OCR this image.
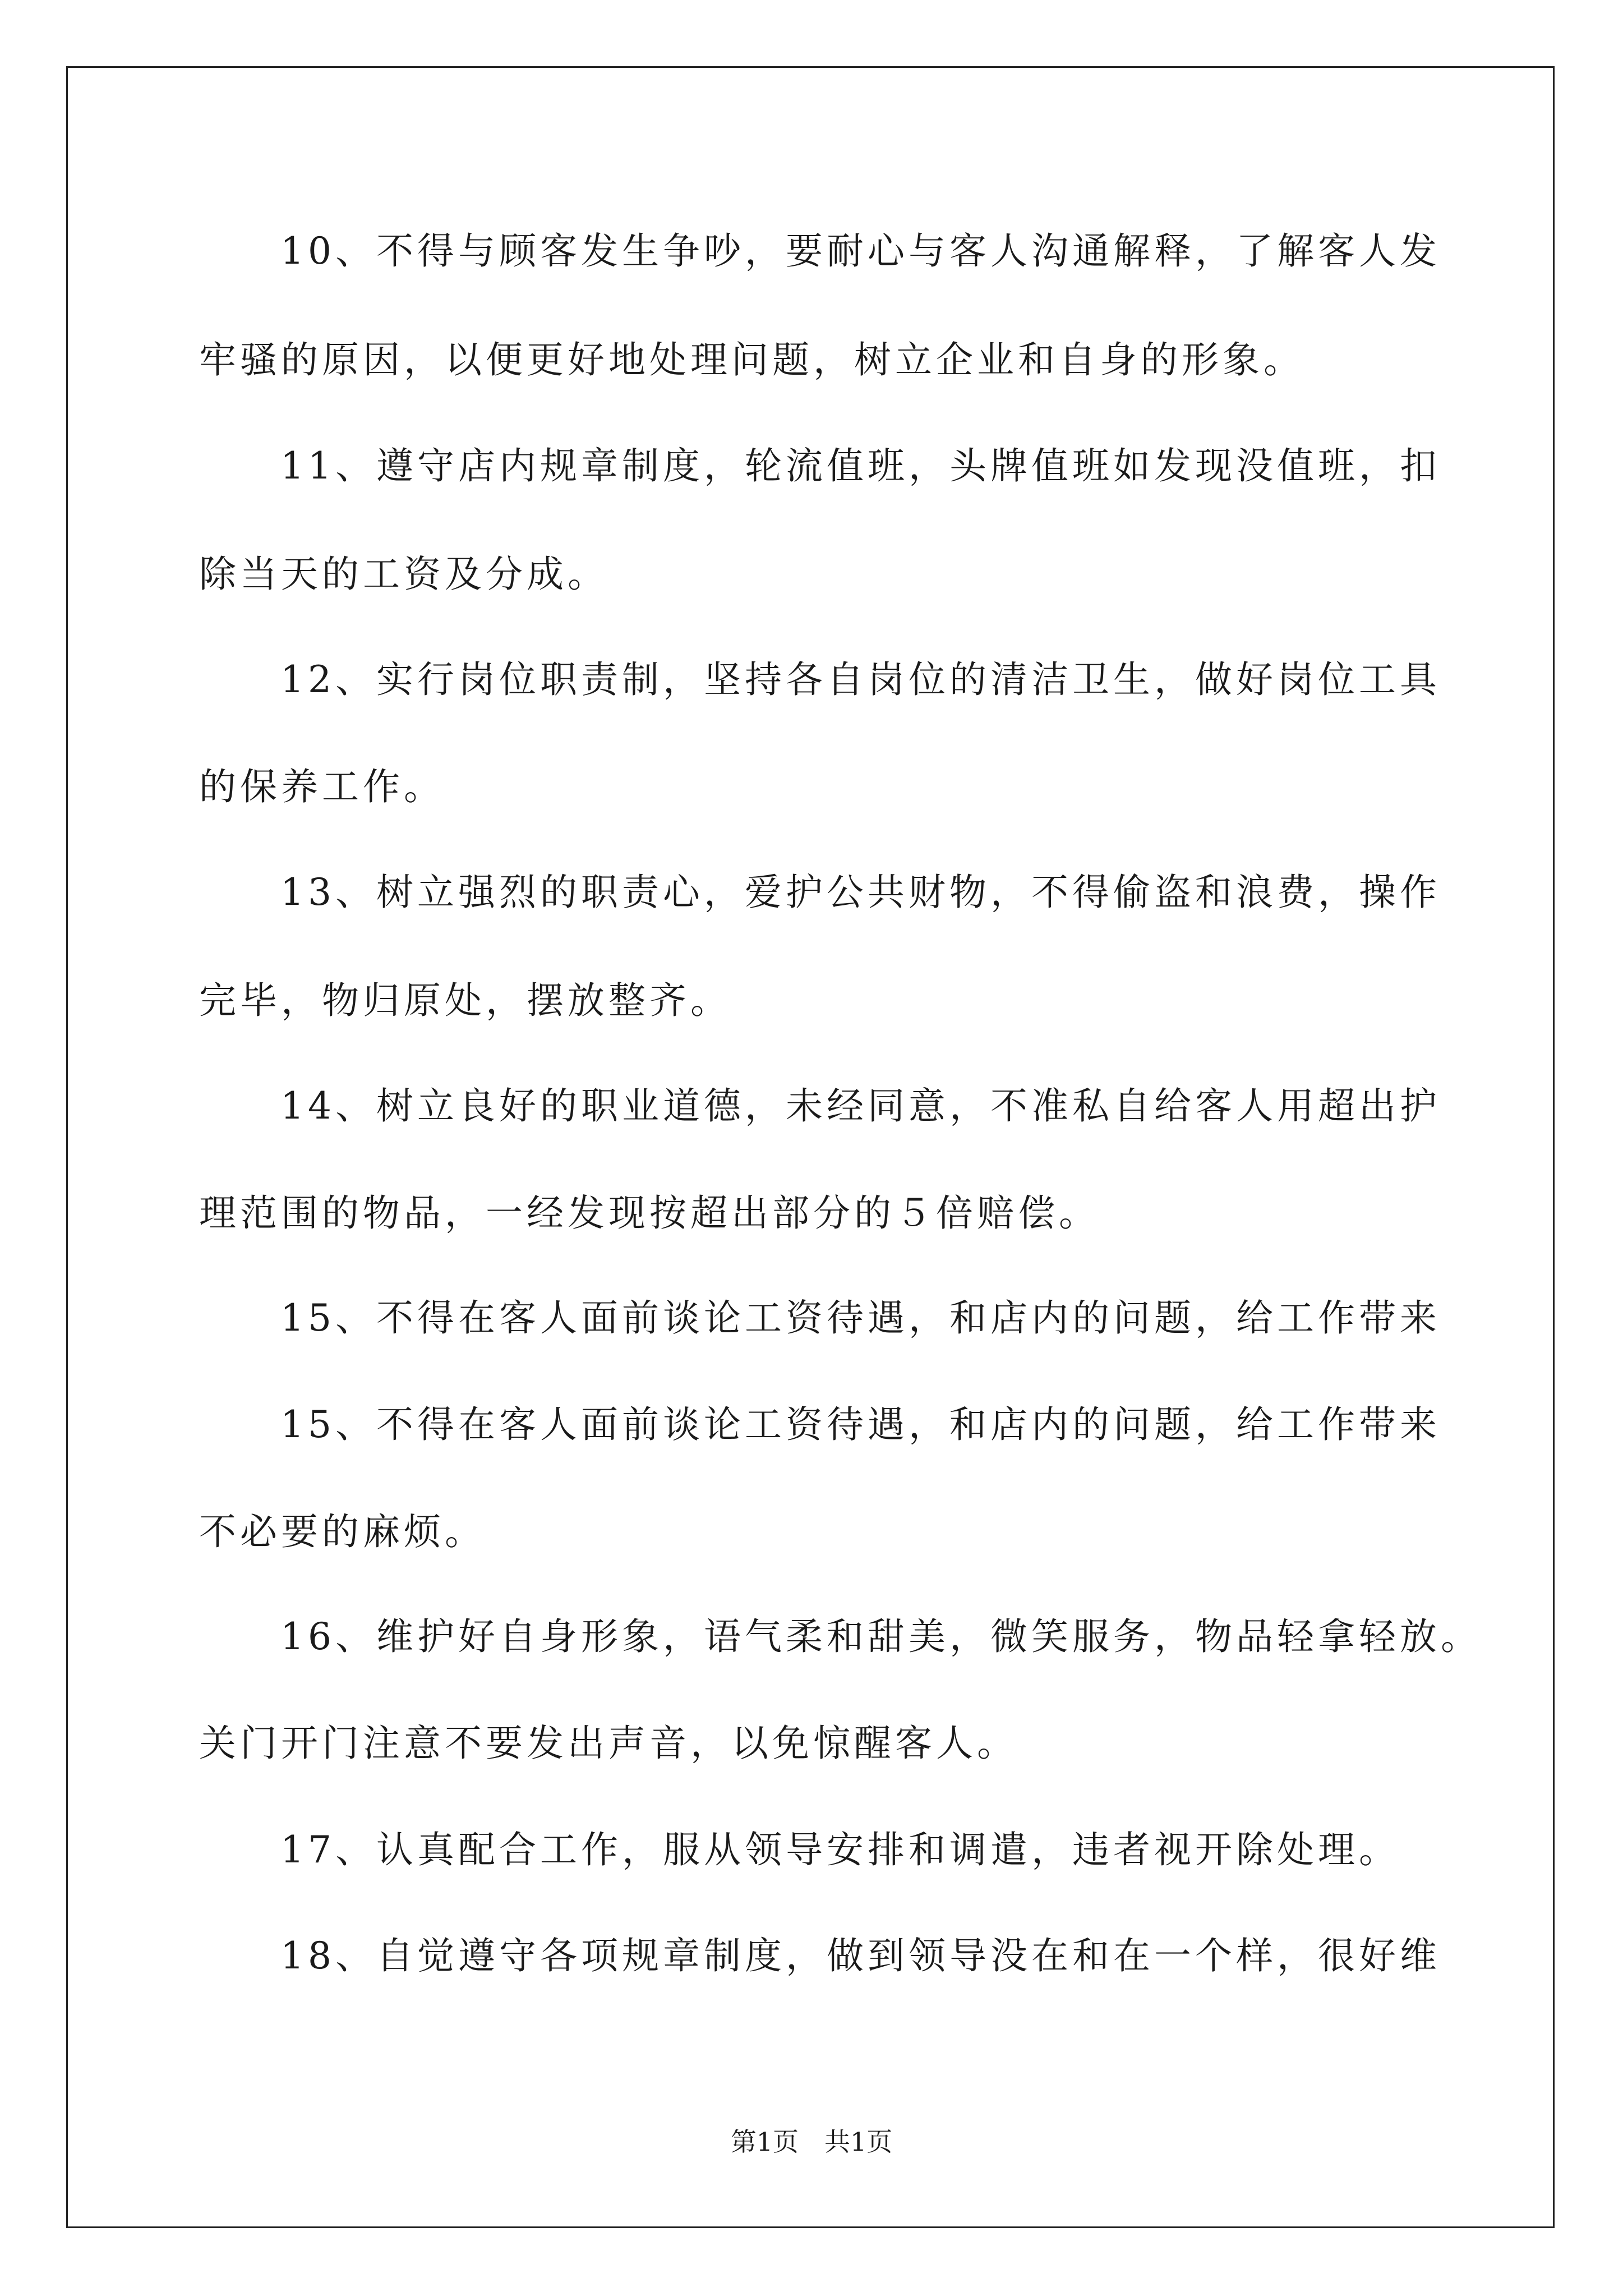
10、不得与顾客发生争吵，要耐心与客人沟通解释，了解客人发
牢骚的原因，以便更好地处理问题，树立企业和自身的形象。
11、遵守店内规章制度，轮流值班，头牌值班如发现没值班，扣
除当天的工资及分成。
12、实行岗位职责制，坚持各自岗位的清洁卫生，做好岗位工具
的保养工作。
13、树立强烈的职责心，爱护公共财物，不得偷盗和浪费，操作
完毕，物归原处，摆放整齐。
14、树立良好的职业道德，未经同意，不准私自给客人用超出护
理范围的物品，一经发现按超出部分的５倍赔偿。
15、不得在客人面前谈论工资待遇，和店内的问题，给工作带来
15、不得在客人面前谈论工资待遇，和店内的问题，给工作带来
不必要的麻烦。
16、维护好自身形象，语气柔和甜美，微笑服务，物品轻拿轻放。
关门开门注意不要发出声音，以免惊醒客人。
17、认真配合工作，服从领导安排和调遣，违者视开除处理。
18、自觉遵守各项规章制度，做到领导没在和在一个样，很好维
第1页　共1页
